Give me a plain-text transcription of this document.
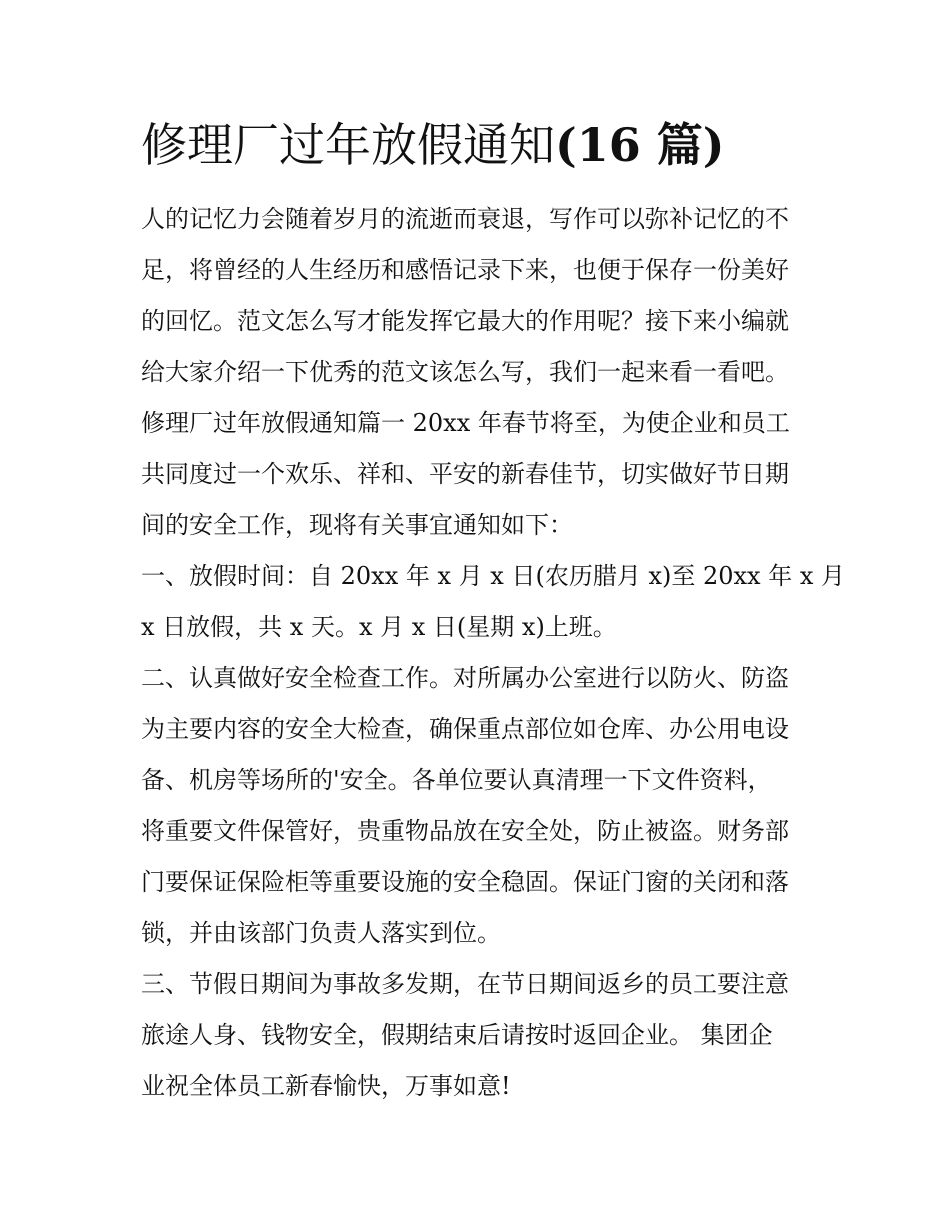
修理厂过年放假通知(16 篇)
人的记忆力会随着岁月的流逝而衰退，写作可以弥补记忆的不
足，将曾经的人生经历和感悟记录下来，也便于保存一份美好
的回忆。范文怎么写才能发挥它最大的作用呢？接下来小编就
给大家介绍一下优秀的范文该怎么写，我们一起来看一看吧。
修理厂过年放假通知篇一 20xx 年春节将至，为使企业和员工
共同度过一个欢乐、祥和、平安的新春佳节，切实做好节日期
间的安全工作，现将有关事宜通知如下：
一、放假时间：自 20xx 年 x 月 x 日(农历腊月 x)至 20xx 年 x 月
x 日放假，共 x 天。x 月 x 日(星期 x)上班。
二、认真做好安全检查工作。对所属办公室进行以防火、防盗
为主要内容的安全大检查，确保重点部位如仓库、办公用电设
备、机房等场所的'安全。各单位要认真清理一下文件资料，
将重要文件保管好，贵重物品放在安全处，防止被盗。财务部
门要保证保险柜等重要设施的安全稳固。保证门窗的关闭和落
锁，并由该部门负责人落实到位。
三、节假日期间为事故多发期，在节日期间返乡的员工要注意
旅途人身、钱物安全，假期结束后请按时返回企业。 集团企
业祝全体员工新春愉快，万事如意!
